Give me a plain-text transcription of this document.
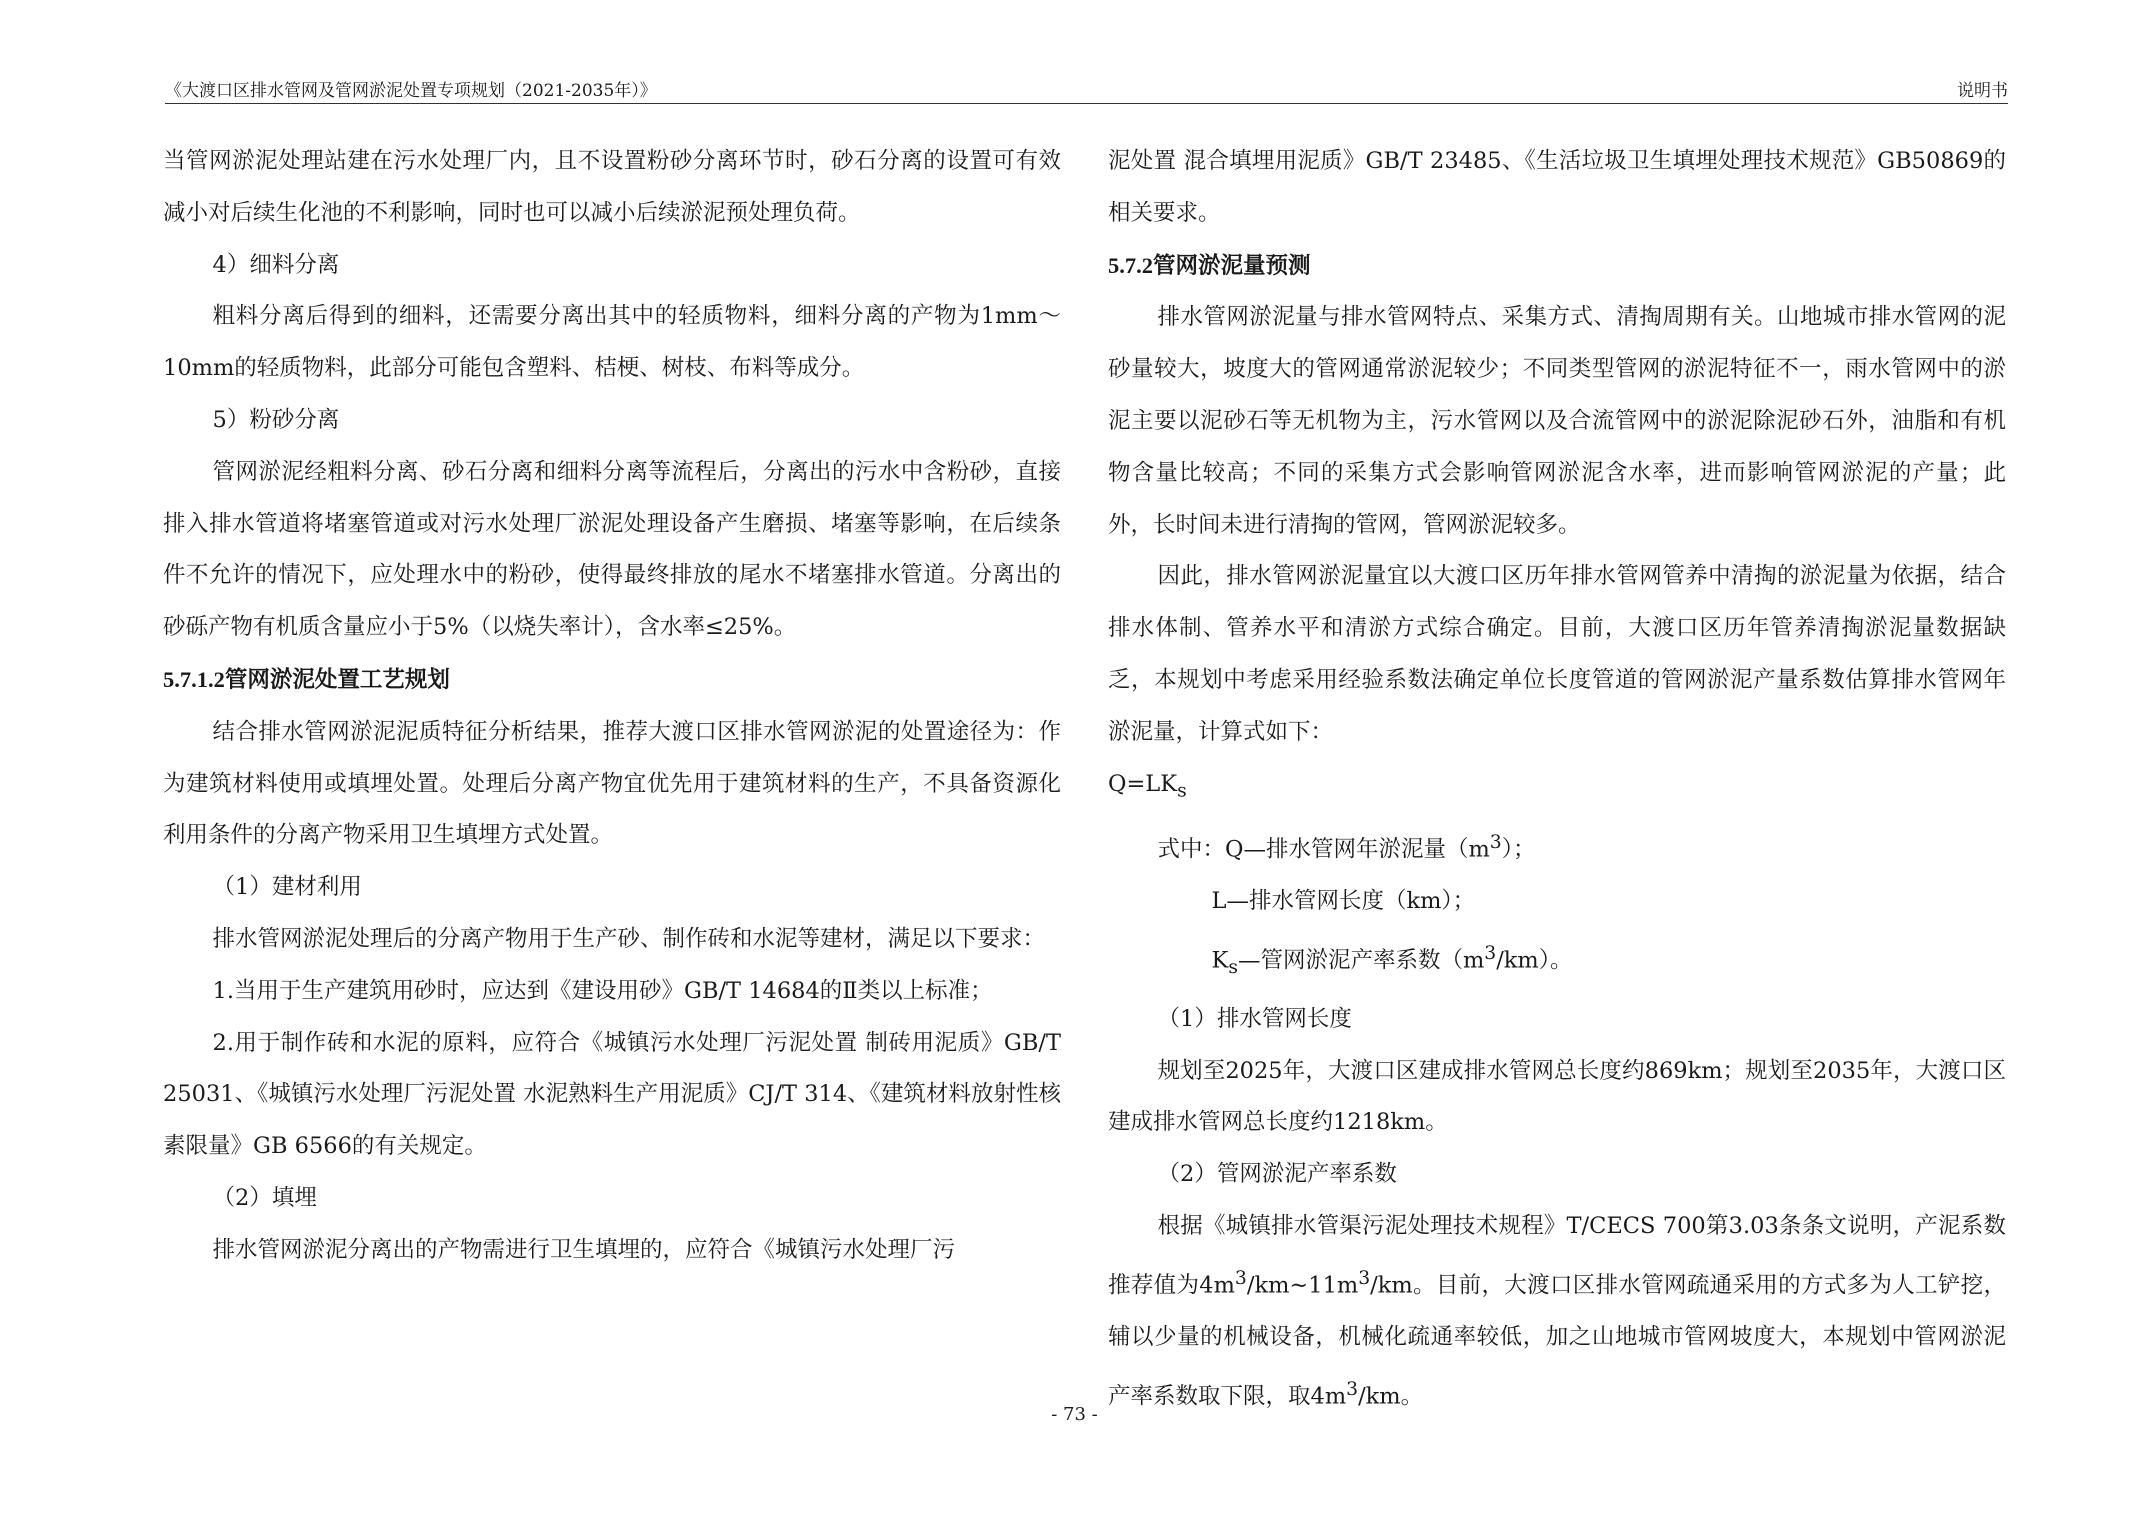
《大渡口区排水管网及管网淤泥处置专项规划（2021-2035年）》	说明书

当管网淤泥处理站建在污水处理厂内，且不设置粉砂分离环节时，砂石分离的设置可有效减小对后续生化池的不利影响，同时也可以减小后续淤泥预处理负荷。

4）细料分离

粗料分离后得到的细料，还需要分离出其中的轻质物料，细料分离的产物为1mm～10mm的轻质物料，此部分可能包含塑料、桔梗、树枝、布料等成分。

5）粉砂分离

管网淤泥经粗料分离、砂石分离和细料分离等流程后，分离出的污水中含粉砂，直接排入排水管道将堵塞管道或对污水处理厂淤泥处理设备产生磨损、堵塞等影响，在后续条件不允许的情况下，应处理水中的粉砂，使得最终排放的尾水不堵塞排水管道。分离出的砂砾产物有机质含量应小于5%（以烧失率计），含水率≤25%。

5.7.1.2管网淤泥处置工艺规划

结合排水管网淤泥泥质特征分析结果，推荐大渡口区排水管网淤泥的处置途径为：作为建筑材料使用或填埋处置。处理后分离产物宜优先用于建筑材料的生产，不具备资源化利用条件的分离产物采用卫生填埋方式处置。

（1）建材利用

排水管网淤泥处理后的分离产物用于生产砂、制作砖和水泥等建材，满足以下要求：

1.当用于生产建筑用砂时，应达到《建设用砂》GB/T 14684的Ⅱ类以上标准；

2.用于制作砖和水泥的原料，应符合《城镇污水处理厂污泥处置 制砖用泥质》GB/T 25031、《城镇污水处理厂污泥处置 水泥熟料生产用泥质》CJ/T 314、《建筑材料放射性核素限量》GB 6566的有关规定。

（2）填埋

排水管网淤泥分离出的产物需进行卫生填埋的，应符合《城镇污水处理厂污

泥处置 混合填埋用泥质》GB/T 23485、《生活垃圾卫生填埋处理技术规范》GB50869的相关要求。

5.7.2管网淤泥量预测

排水管网淤泥量与排水管网特点、采集方式、清掏周期有关。山地城市排水管网的泥砂量较大，坡度大的管网通常淤泥较少；不同类型管网的淤泥特征不一，雨水管网中的淤泥主要以泥砂石等无机物为主，污水管网以及合流管网中的淤泥除泥砂石外，油脂和有机物含量比较高；不同的采集方式会影响管网淤泥含水率，进而影响管网淤泥的产量；此外，长时间未进行清掏的管网，管网淤泥较多。

因此，排水管网淤泥量宜以大渡口区历年排水管网管养中清掏的淤泥量为依据，结合排水体制、管养水平和清淤方式综合确定。目前，大渡口区历年管养清掏淤泥量数据缺乏，本规划中考虑采用经验系数法确定单位长度管道的管网淤泥产量系数估算排水管网年淤泥量，计算式如下：

$Q=LK_s$

式中：Q—排水管网年淤泥量$(m^3)$；

L—排水管网长度（km）；

$K_s—$管网淤泥产率系数$(m^3/km)$。

（1）排水管网长度

规划至2025年，大渡口区建成排水管网总长度约869km；规划至2035年，大渡口区建成排水管网总长度约1218km。

（2）管网淤泥产率系数

根据《城镇排水管渠污泥处理技术规程》T/CECS 700第3.03条条文说明，产泥系数推荐值为$4m^3/km\sim 11m^3/km$。目前，大渡口区排水管网疏通采用的方式多为人工铲挖，辅以少量的机械设备，机械化疏通率较低，加之山地城市管网坡度大，本规划中管网淤泥产率系数取下限，取$4m^3/km$。

- 73 -
